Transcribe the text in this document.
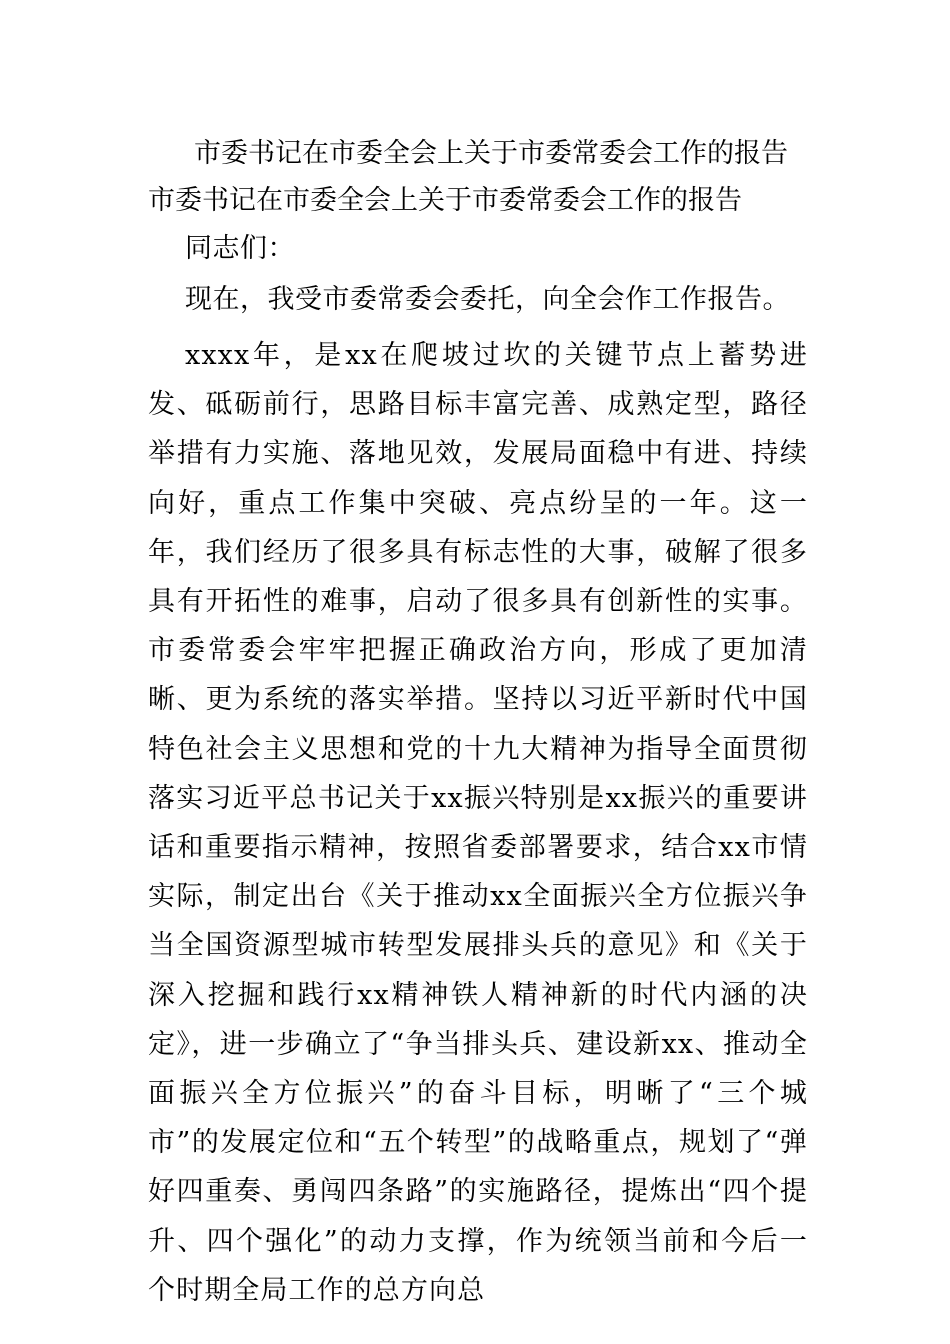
市委书记在市委全会上关于市委常委会工作的报告
市委书记在市委全会上关于市委常委会工作的报告
同志们：
现在，我受市委常委会委托，向全会作工作报告。
xxxx年，是xx在爬坡过坎的关键节点上蓄势进发、砥砺前行，思路目标丰富完善、成熟定型，路径举措有力实施、落地见效，发展局面稳中有进、持续向好，重点工作集中突破、亮点纷呈的一年。这一年，我们经历了很多具有标志性的大事，破解了很多具有开拓性的难事，启动了很多具有创新性的实事。市委常委会牢牢把握正确政治方向，形成了更加清晰、更为系统的落实举措。坚持以习近平新时代中国特色社会主义思想和党的十九大精神为指导全面贯彻落实习近平总书记关于xx振兴特别是xx振兴的重要讲话和重要指示精神，按照省委部署要求，结合xx市情实际，制定出台《关于推动xx全面振兴全方位振兴争当全国资源型城市转型发展排头兵的意见》和《关于深入挖掘和践行xx精神铁人精神新的时代内涵的决定》，进一步确立了“争当排头兵、建设新xx、推动全面振兴全方位振兴”的奋斗目标，明晰了“三个城市”的发展定位和“五个转型”的战略重点，规划了“弹好四重奏、勇闯四条路”的实施路径，提炼出“四个提升、四个强化”的动力支撑，作为统领当前和今后一个时期全局工作的总方向总
